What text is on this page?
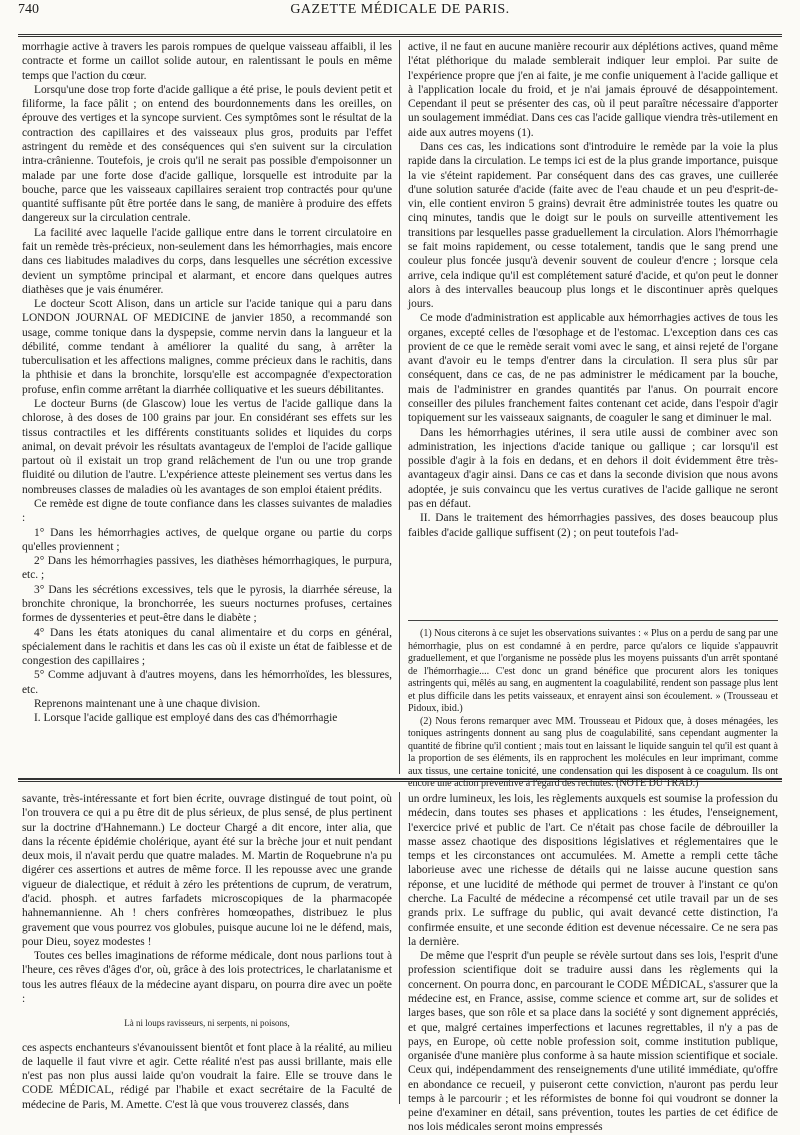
740	GAZETTE MÉDICALE DE PARIS.

morrhagie active à travers les parois rompues de quelque vaisseau affaibli, il les contracte et forme un caillot solide autour, en ralentissant le pouls en même temps que l'action du cœur.

Lorsqu'une dose trop forte d'acide gallique a été prise, le pouls devient petit et filiforme, la face pâlit ; on entend des bourdonnements dans les oreilles, on éprouve des vertiges et la syncope survient. Ces symptômes sont le résultat de la contraction des capillaires et des vaisseaux plus gros, produits par l'effet astringent du remède et des conséquences qui s'en suivent sur la circulation intra-crânienne. Toutefois, je crois qu'il ne serait pas possible d'empoisonner un malade par une forte dose d'acide gallique, lorsquelle est introduite par la bouche, parce que les vaisseaux capillaires seraient trop contractés pour qu'une quantité suffisante pût être portée dans le sang, de manière à produire des effets dangereux sur la circulation centrale.

La facilité avec laquelle l'acide gallique entre dans le torrent circulatoire en fait un remède très-précieux, non-seulement dans les hémorrhagies, mais encore dans ces liabitudes maladives du corps, dans lesquelles une sécrétion excessive devient un symptôme principal et alarmant, et encore dans quelques autres diathèses que je vais énumérer.

Le docteur Scott Alison, dans un article sur l'acide tanique qui a paru dans LONDON JOURNAL OF MEDICINE de janvier 1850, a recommandé son usage, comme tonique dans la dyspepsie, comme nervin dans la langueur et la débilité, comme tendant à améliorer la qualité du sang, à arrêter la tuberculisation et les affections malignes, comme précieux dans le rachitis, dans la phthisie et dans la bronchite, lorsqu'elle est accompagnée d'expectoration profuse, enfin comme arrêtant la diarrhée colliquative et les sueurs débilitantes.

Le docteur Burns (de Glascow) loue les vertus de l'acide gallique dans la chlorose, à des doses de 100 grains par jour. En considérant ses effets sur les tissus contractiles et les différents constituants solides et liquides du corps animal, on devait prévoir les résultats avantageux de l'emploi de l'acide gallique partout où il existait un trop grand relâchement de l'un ou une trop grande fluidité ou dilution de l'autre. L'expérience atteste pleinement ses vertus dans les nombreuses classes de maladies où les avantages de son emploi étaient prédits.

Ce remède est digne de toute confiance dans les classes suivantes de maladies :

1° Dans les hémorrhagies actives, de quelque organe ou partie du corps qu'elles proviennent ;

2° Dans les hémorrhagies passives, les diathèses hémorrhagiques, le purpura, etc. ;

3° Dans les sécrétions excessives, tels que le pyrosis, la diarrhée séreuse, la bronchite chronique, la bronchorrée, les sueurs nocturnes profuses, certaines formes de dyssenteries et peut-être dans le diabète ;

4° Dans les états atoniques du canal alimentaire et du corps en général, spécialement dans le rachitis et dans les cas où il existe un état de faiblesse et de congestion des capillaires ;

5° Comme adjuvant à d'autres moyens, dans les hémorrhoïdes, les blessures, etc.

Reprenons maintenant une à une chaque division.

I. Lorsque l'acide gallique est employé dans des cas d'hémorrhagie

active, il ne faut en aucune manière recourir aux déplétions actives, quand même l'état pléthorique du malade semblerait indiquer leur emploi. Par suite de l'expérience propre que j'en ai faite, je me confie uniquement à l'acide gallique et à l'application locale du froid, et je n'ai jamais éprouvé de désappointement. Cependant il peut se présenter des cas, où il peut paraître nécessaire d'apporter un soulagement immédiat. Dans ces cas l'acide gallique viendra très-utilement en aide aux autres moyens (1).

Dans ces cas, les indications sont d'introduire le remède par la voie la plus rapide dans la circulation. Le temps ici est de la plus grande importance, puisque la vie s'éteint rapidement. Par conséquent dans des cas graves, une cuillerée d'une solution saturée d'acide (faite avec de l'eau chaude et un peu d'esprit-de-vin, elle contient environ 5 grains) devrait être administrée toutes les quatre ou cinq minutes, tandis que le doigt sur le pouls on surveille attentivement les transitions par lesquelles passe graduellement la circulation. Alors l'hémorrhagie se fait moins rapidement, ou cesse totalement, tandis que le sang prend une couleur plus foncée jusqu'à devenir souvent de couleur d'encre ; lorsque cela arrive, cela indique qu'il est complétement saturé d'acide, et qu'on peut le donner alors à des intervalles beaucoup plus longs et le discontinuer après quelques jours.

Ce mode d'administration est applicable aux hémorrhagies actives de tous les organes, excepté celles de l'œsophage et de l'estomac. L'exception dans ces cas provient de ce que le remède serait vomi avec le sang, et ainsi rejeté de l'organe avant d'avoir eu le temps d'entrer dans la circulation. Il sera plus sûr par conséquent, dans ce cas, de ne pas administrer le médicament par la bouche, mais de l'administrer en grandes quantités par l'anus. On pourrait encore conseiller des pilules franchement faites contenant cet acide, dans l'espoir d'agir topiquement sur les vaisseaux saignants, de coaguler le sang et diminuer le mal.

Dans les hémorrhagies utérines, il sera utile aussi de combiner avec son administration, les injections d'acide tanique ou gallique ; car lorsqu'il est possible d'agir à la fois en dedans, et en dehors il doit évidemment être très-avantageux d'agir ainsi. Dans ce cas et dans la seconde division que nous avons adoptée, je suis convaincu que les vertus curatives de l'acide gallique ne seront pas en défaut.

II. Dans le traitement des hémorrhagies passives, des doses beaucoup plus faibles d'acide gallique suffisent (2) ; on peut toutefois l'ad-

(1) Nous citerons à ce sujet les observations suivantes : « Plus on a perdu de sang par une hémorrhagie, plus on est condamné à en perdre, parce qu'alors ce liquide s'appauvrit graduellement, et que l'organisme ne possède plus les moyens puissants d'un arrêt spontané de l'hémorrhagie.... C'est donc un grand bénéfice que procurent alors les toniques astringents qui, mêlés au sang, en augmentent la coagulabilité, rendent son passage plus lent et plus difficile dans les petits vaisseaux, et enrayent ainsi son écoulement. » (Trousseau et Pidoux, ibid.)

(2) Nous ferons remarquer avec MM. Trousseau et Pidoux que, à doses ménagées, les toniques astringents donnent au sang plus de coagulabilité, sans cependant augmenter la quantité de fibrine qu'il contient ; mais tout en laissant le liquide sanguin tel qu'il est quant à la proportion de ses éléments, ils en rapprochent les molécules en leur imprimant, comme aux tissus, une certaine tonicité, une condensation qui les disposent à ce coagulum. Ils ont encore une action préventive à l'égard des rechutes. (NOTE DU TRAD.)

savante, très-intéressante et fort bien écrite, ouvrage distingué de tout point, où l'on trouvera ce qui a pu être dit de plus sérieux, de plus sensé, de plus pertinent sur la doctrine d'Hahnemann.) Le docteur Chargé a dit encore, inter alia, que dans la récente épidémie cholérique, ayant été sur la brèche jour et nuit pendant deux mois, il n'avait perdu que quatre malades. M. Martin de Roquebrune n'a pu digérer ces assertions et autres de même force. Il les repousse avec une grande vigueur de dialectique, et réduit à zéro les prétentions de cuprum, de veratrum, d'acid. phosph. et autres farfadets microscopiques de la pharmacopée hahnemannienne. Ah ! chers confrères homœopathes, distribuez le plus gravement que vous pourrez vos globules, puisque aucune loi ne le défend, mais, pour Dieu, soyez modestes !

Toutes ces belles imaginations de réforme médicale, dont nous parlions tout à l'heure, ces rêves d'âges d'or, où, grâce à des lois protectrices, le charlatanisme et tous les autres fléaux de la médecine ayant disparu, on pourra dire avec un poëte :

Là ni loups ravisseurs, ni serpents, ni poisons,

ces aspects enchanteurs s'évanouissent bientôt et font place à la réalité, au milieu de laquelle il faut vivre et agir. Cette réalité n'est pas aussi brillante, mais elle n'est pas non plus aussi laide qu'on voudrait la faire. Elle se trouve dans le CODE MÉDICAL, rédigé par l'habile et exact secrétaire de la Faculté de médecine de Paris, M. Amette. C'est là que vous trouverez classés, dans

un ordre lumineux, les lois, les règlements auxquels est soumise la profession du médecin, dans toutes ses phases et applications : les études, l'enseignement, l'exercice privé et public de l'art. Ce n'était pas chose facile de débrouiller la masse assez chaotique des dispositions législatives et réglementaires que le temps et les circonstances ont accumulées. M. Amette a rempli cette tâche laborieuse avec une richesse de détails qui ne laisse aucune question sans réponse, et une lucidité de méthode qui permet de trouver à l'instant ce qu'on cherche. La Faculté de médecine a récompensé cet utile travail par un de ses grands prix. Le suffrage du public, qui avait devancé cette distinction, l'a confirmée ensuite, et une seconde édition est devenue nécessaire. Ce ne sera pas la dernière.

De même que l'esprit d'un peuple se révèle surtout dans ses lois, l'esprit d'une profession scientifique doit se traduire aussi dans les règlements qui la concernent. On pourra donc, en parcourant le CODE MÉDICAL, s'assurer que la médecine est, en France, assise, comme science et comme art, sur de solides et larges bases, que son rôle et sa place dans la société y sont dignement appréciés, et que, malgré certaines imperfections et lacunes regrettables, il n'y a pas de pays, en Europe, où cette noble profession soit, comme institution publique, organisée d'une manière plus conforme à sa haute mission scientifique et sociale. Ceux qui, indépendamment des renseignements d'une utilité immédiate, qu'offre en abondance ce recueil, y puiseront cette conviction, n'auront pas perdu leur temps à le parcourir ; et les réformistes de bonne foi qui voudront se donner la peine d'examiner en détail, sans prévention, toutes les parties de cet édifice de nos lois médicales seront moins empressés
